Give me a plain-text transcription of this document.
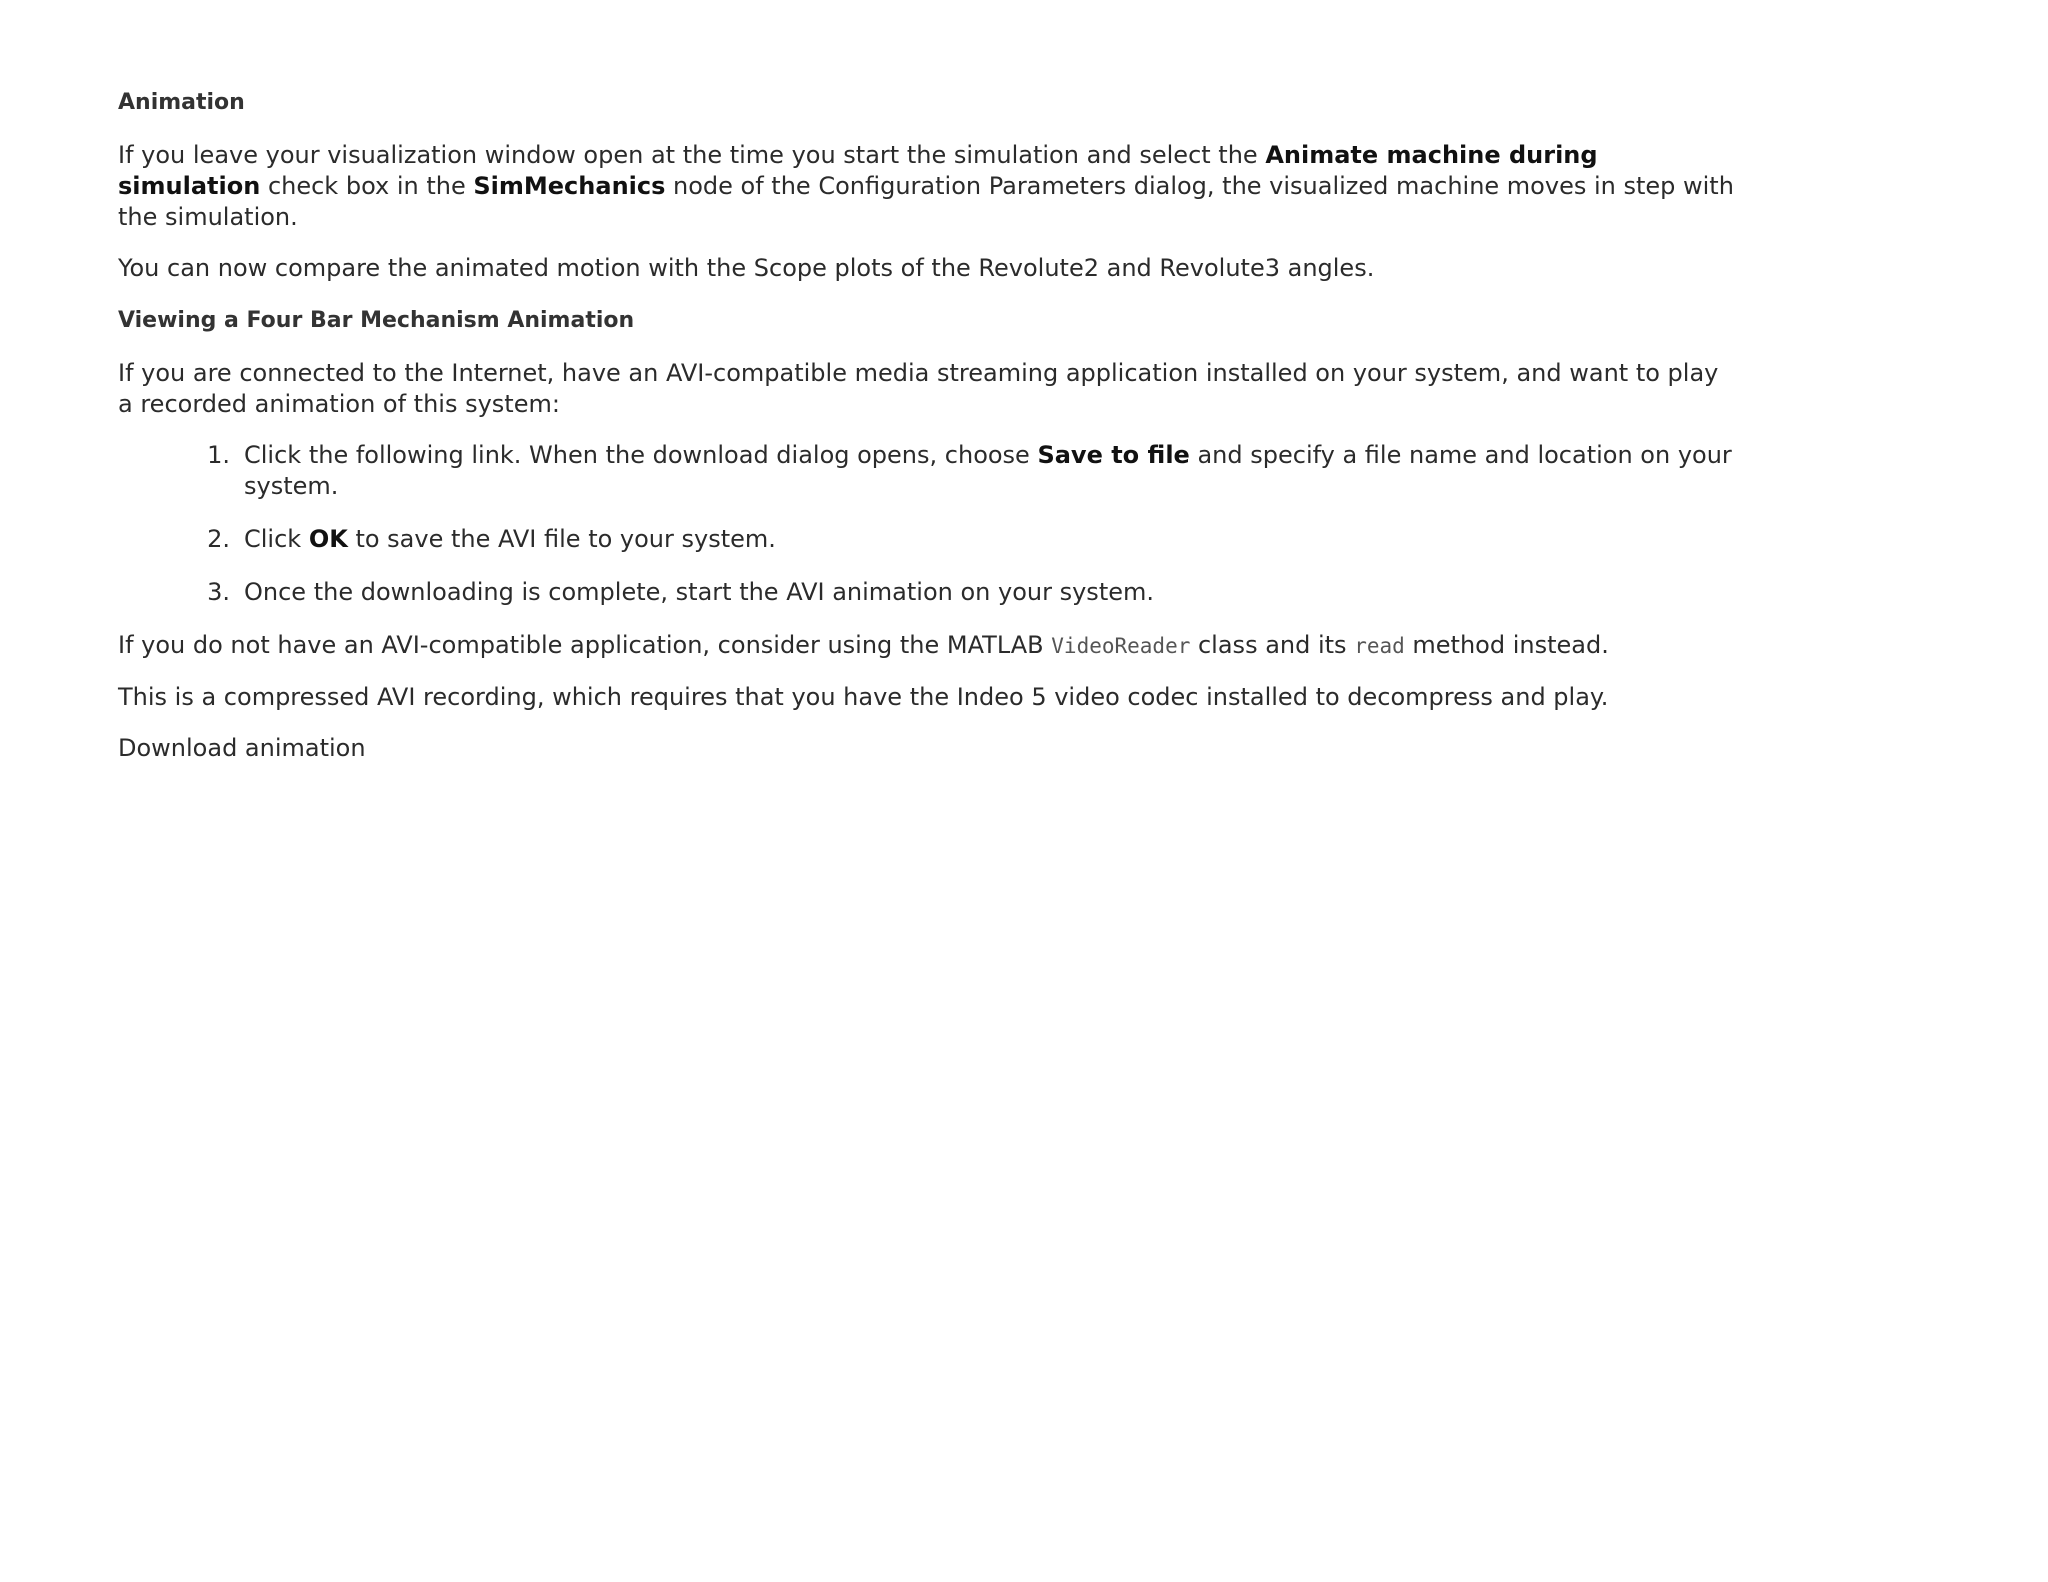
Animation

If you leave your visualization window open at the time you start the simulation and select the Animate machine during simulation check box in the SimMechanics node of the Configuration Parameters dialog, the visualized machine moves in step with the simulation.

You can now compare the animated motion with the Scope plots of the Revolute2 and Revolute3 angles.

Viewing a Four Bar Mechanism Animation

If you are connected to the Internet, have an AVI-compatible media streaming application installed on your system, and want to play a recorded animation of this system:

1. Click the following link. When the download dialog opens, choose Save to file and specify a file name and location on your system.
2. Click OK to save the AVI file to your system.
3. Once the downloading is complete, start the AVI animation on your system.

If you do not have an AVI-compatible application, consider using the MATLAB VideoReader class and its read method instead.

This is a compressed AVI recording, which requires that you have the Indeo 5 video codec installed to decompress and play.

Download animation
